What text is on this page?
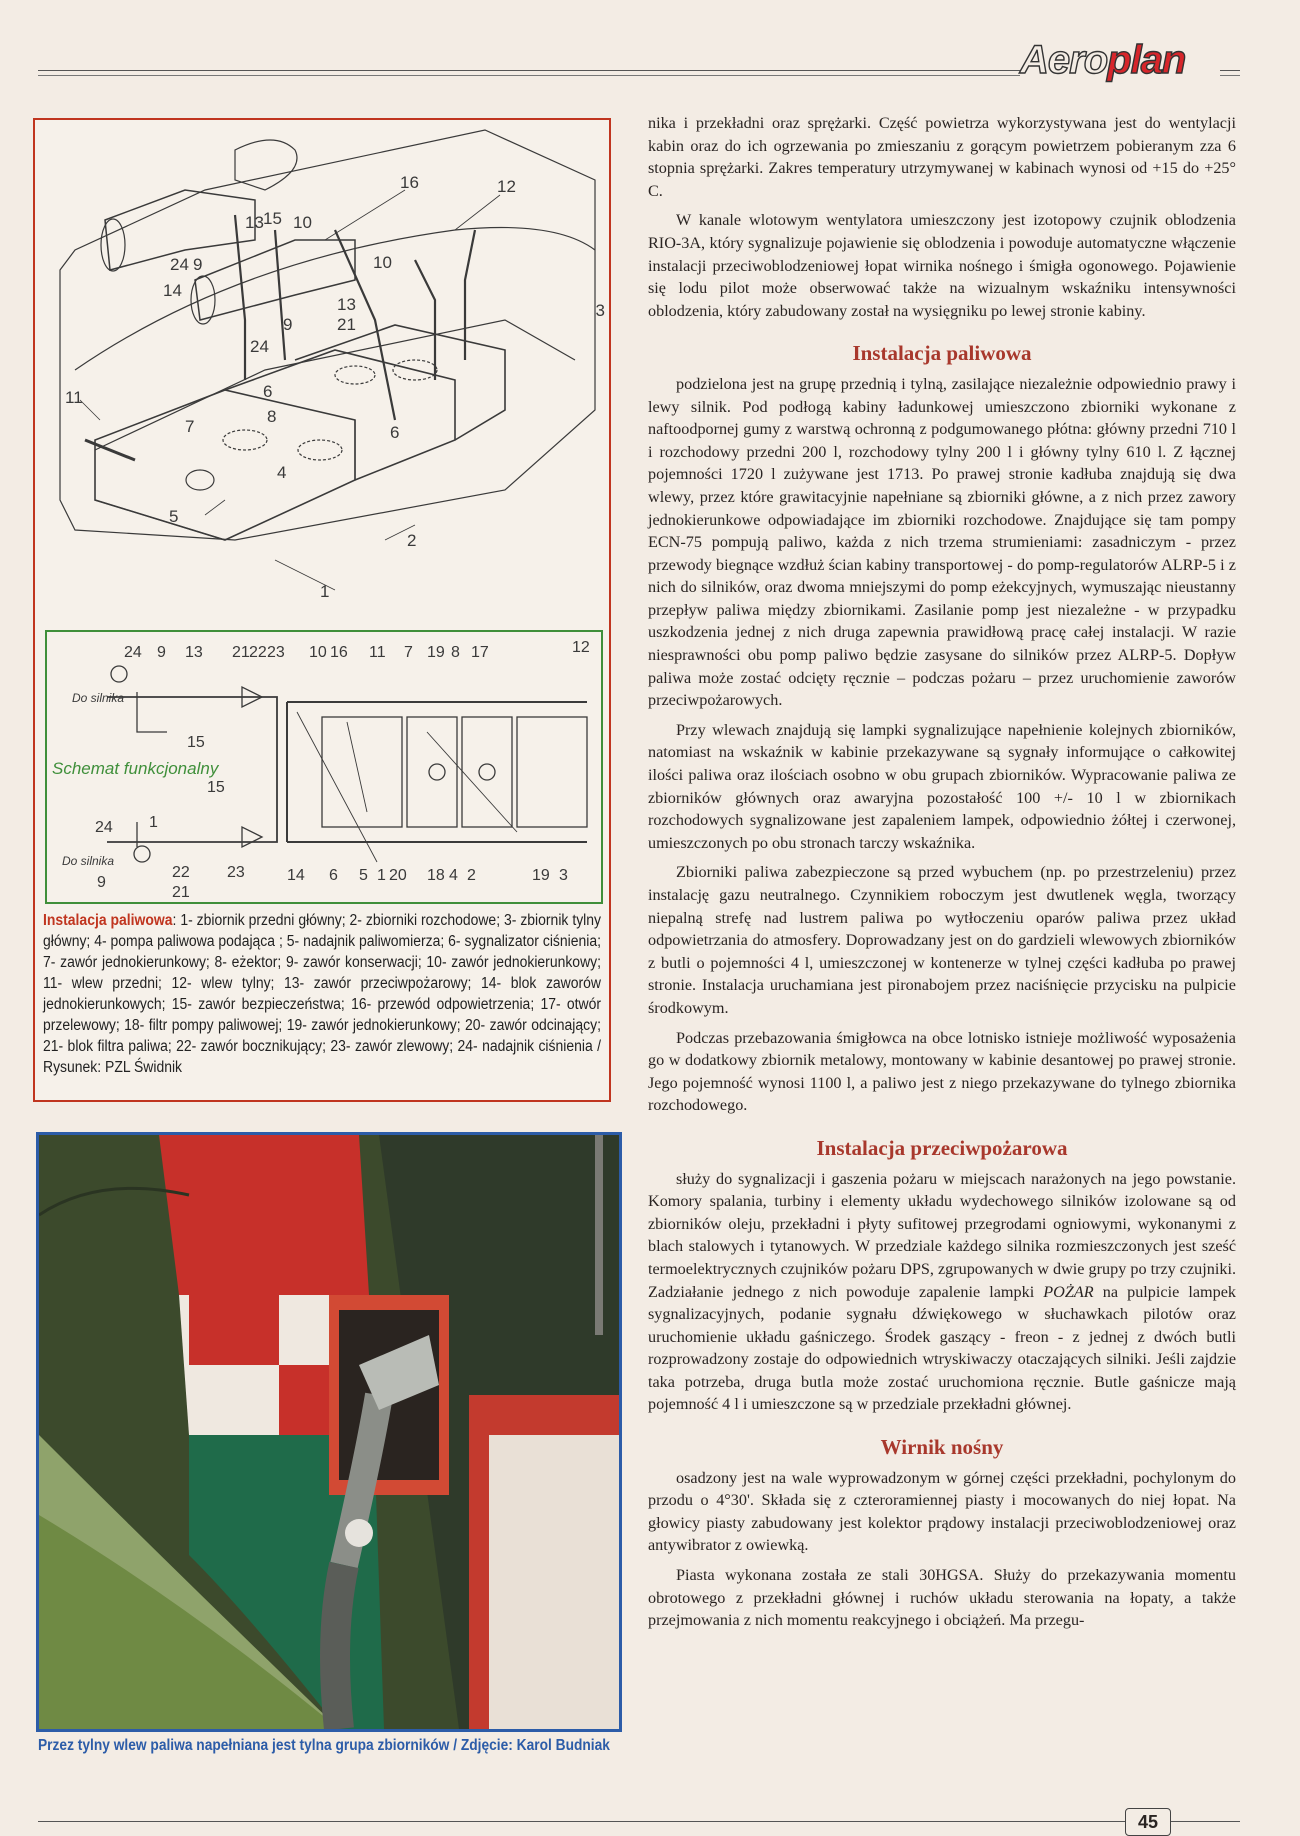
Aeroplan
16	12
13 15 10
24 9
14
10
13
21
9
24
3
11	6
7
8
6
4
5
2
1
24 9 13 21 22 23 10 16 11 7 19 8 17	12
15
15
24 1
9
22 23
21
14 6 5 1 20 18 4 2	19 3
Do silnika
Do silnika
Schemat funkcjonalny
Instalacja paliwowa: 1- zbiornik przedni główny; 2- zbiorniki rozchodowe; 3- zbiornik tylny główny; 4- pompa paliwowa podająca ; 5- nadajnik paliwomierza; 6- sygnalizator ciśnienia; 7- zawór jednokierunkowy; 8- eżektor; 9- zawór konserwacji; 10- zawór jednokierunkowy; 11- wlew przedni; 12- wlew tylny; 13- zawór przeciwpożarowy; 14- blok zaworów jednokierunkowych; 15- zawór bezpieczeństwa; 16- przewód odpowietrzenia; 17- otwór przelewowy; 18- filtr pompy paliwowej; 19- zawór jednokierunkowy; 20- zawór odcinający; 21- blok filtra paliwa; 22- zawór bocznikujący; 23- zawór zlewowy; 24- nadajnik ciśnienia / Rysunek: PZL Świdnik
Przez tylny wlew paliwa napełniana jest tylna grupa zbiorników / Zdjęcie: Karol Budniak

nika i przekładni oraz sprężarki. Część powietrza wykorzystywana jest do wentylacji kabin oraz do ich ogrzewania po zmieszaniu z gorącym powietrzem pobieranym zza 6 stopnia sprężarki. Zakres temperatury utrzymywanej w kabinach wynosi od +15 do +25° C.

W kanale wlotowym wentylatora umieszczony jest izotopowy czujnik oblodzenia RIO-3A, który sygnalizuje pojawienie się oblodzenia i powoduje automatyczne włączenie instalacji przeciwoblodzeniowej łopat wirnika nośnego i śmigła ogonowego. Pojawienie się lodu pilot może obserwować także na wizualnym wskaźniku intensywności oblodzenia, który zabudowany został na wysięgniku po lewej stronie kabiny.

Instalacja paliwowa

podzielona jest na grupę przednią i tylną, zasilające niezależnie odpowiednio prawy i lewy silnik. Pod podłogą kabiny ładunkowej umieszczono zbiorniki wykonane z naftoodpornej gumy z warstwą ochronną z podgumowanego płótna: główny przedni 710 l i rozchodowy przedni 200 l, rozchodowy tylny 200 l i główny tylny 610 l. Z łącznej pojemności 1720 l zużywane jest 1713. Po prawej stronie kadłuba znajdują się dwa wlewy, przez które grawitacyjnie napełniane są zbiorniki główne, a z nich przez zawory jednokierunkowe odpowiadające im zbiorniki rozchodowe. Znajdujące się tam pompy ECN-75 pompują paliwo, każda z nich trzema strumieniami: zasadniczym - przez przewody biegnące wzdłuż ścian kabiny transportowej - do pomp-regulatorów ALRP-5 i z nich do silników, oraz dwoma mniejszymi do pomp eżekcyjnych, wymuszając nieustanny przepływ paliwa między zbiornikami. Zasilanie pomp jest niezależne - w przypadku uszkodzenia jednej z nich druga zapewnia prawidłową pracę całej instalacji. W razie niesprawności obu pomp paliwo będzie zasysane do silników przez ALRP-5. Dopływ paliwa może zostać odcięty ręcznie – podczas pożaru – przez uruchomienie zaworów przeciwpożarowych.

Przy wlewach znajdują się lampki sygnalizujące napełnienie kolejnych zbiorników, natomiast na wskaźnik w kabinie przekazywane są sygnały informujące o całkowitej ilości paliwa oraz ilościach osobno w obu grupach zbiorników. Wypracowanie paliwa ze zbiorników głównych oraz awaryjna pozostałość 100 +/- 10 l w zbiornikach rozchodowych sygnalizowane jest zapaleniem lampek, odpowiednio żółtej i czerwonej, umieszczonych po obu stronach tarczy wskaźnika.

Zbiorniki paliwa zabezpieczone są przed wybuchem (np. po przestrzeleniu) przez instalację gazu neutralnego. Czynnikiem roboczym jest dwutlenek węgla, tworzący niepalną strefę nad lustrem paliwa po wytłoczeniu oparów paliwa przez układ odpowietrzania do atmosfery. Doprowadzany jest on do gardzieli wlewowych zbiorników z butli o pojemności 4 l, umieszczonej w kontenerze w tylnej części kadłuba po prawej stronie. Instalacja uruchamiana jest pironabojem przez naciśnięcie przycisku na pulpicie środkowym.

Podczas przebazowania śmigłowca na obce lotnisko istnieje możliwość wyposażenia go w dodatkowy zbiornik metalowy, montowany w kabinie desantowej po prawej stronie. Jego pojemność wynosi 1100 l, a paliwo jest z niego przekazywane do tylnego zbiornika rozchodowego.

Instalacja przeciwpożarowa

służy do sygnalizacji i gaszenia pożaru w miejscach narażonych na jego powstanie. Komory spalania, turbiny i elementy układu wydechowego silników izolowane są od zbiorników oleju, przekładni i płyty sufitowej przegrodami ogniowymi, wykonanymi z blach stalowych i tytanowych. W przedziale każdego silnika rozmieszczonych jest sześć termoelektrycznych czujników pożaru DPS, zgrupowanych w dwie grupy po trzy czujniki. Zadziałanie jednego z nich powoduje zapalenie lampki POŻAR na pulpicie lampek sygnalizacyjnych, podanie sygnału dźwiękowego w słuchawkach pilotów oraz uruchomienie układu gaśniczego. Środek gaszący - freon - z jednej z dwóch butli rozprowadzony zostaje do odpowiednich wtryskiwaczy otaczających silniki. Jeśli zajdzie taka potrzeba, druga butla może zostać uruchomiona ręcznie. Butle gaśnicze mają pojemność 4 l i umieszczone są w przedziale przekładni głównej.

Wirnik nośny

osadzony jest na wale wyprowadzonym w górnej części przekładni, pochylonym do przodu o 4°30'. Składa się z czteroramiennej piasty i mocowanych do niej łopat. Na głowicy piasty zabudowany jest kolektor prądowy instalacji przeciwoblodzeniowej oraz antywibrator z owiewką.

Piasta wykonana została ze stali 30HGSA. Służy do przekazywania momentu obrotowego z przekładni głównej i ruchów układu sterowania na łopaty, a także przejmowania z nich momentu reakcyjnego i obciążeń. Ma przegu-

45
